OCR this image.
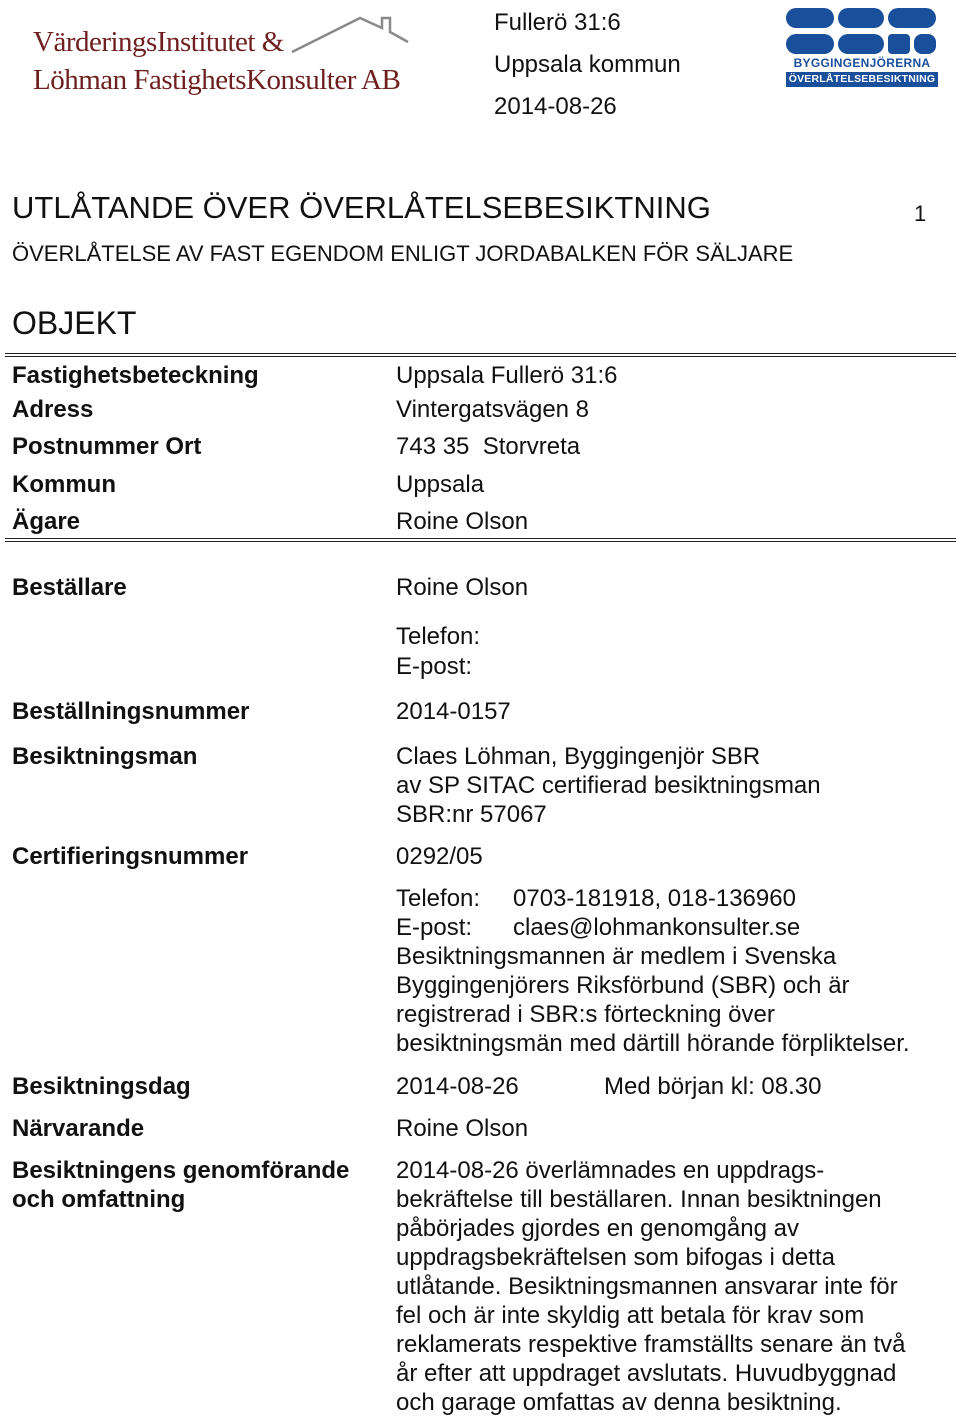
VärderingsInstitutet &
Löhman FastighetsKonsulter AB
Fullerö 31:6
Uppsala kommun
2014-08-26
BYGGINGENJÖRERNA
ÖVERLÅTELSEBESIKTNING
UTLÅTANDE ÖVER ÖVERLÅTELSEBESIKTNING	1
ÖVERLÅTELSE AV FAST EGENDOM ENLIGT JORDABALKEN FÖR SÄLJARE
OBJEKT
Fastighetsbeteckning	Uppsala Fullerö 31:6
Adress	Vintergatsvägen 8
Postnummer Ort	743 35  Storvreta
Kommun	Uppsala
Ägare	Roine Olson
Beställare	Roine Olson
Telefon:
E-post:
Beställningsnummer	2014-0157
Besiktningsman	Claes Löhman, Byggingenjör SBR
av SP SITAC certifierad besiktningsman
SBR:nr 57067
Certifieringsnummer	0292/05
Telefon: 0703-181918, 018-136960
E-post: claes@lohmankonsulter.se
Besiktningsmannen är medlem i Svenska
Byggingenjörers Riksförbund (SBR) och är
registrerad i SBR:s förteckning över
besiktningsmän med därtill hörande förpliktelser.
Besiktningsdag	2014-08-26	Med början kl: 08.30
Närvarande	Roine Olson
Besiktningens genomförande
och omfattning
2014-08-26 överlämnades en uppdrags-
bekräftelse till beställaren. Innan besiktningen
påbörjades gjordes en genomgång av
uppdragsbekräftelsen som bifogas i detta
utlåtande. Besiktningsmannen ansvarar inte för
fel och är inte skyldig att betala för krav som
reklamerats respektive framställts senare än två
år efter att uppdraget avslutats. Huvudbyggnad
och garage omfattas av denna besiktning.
